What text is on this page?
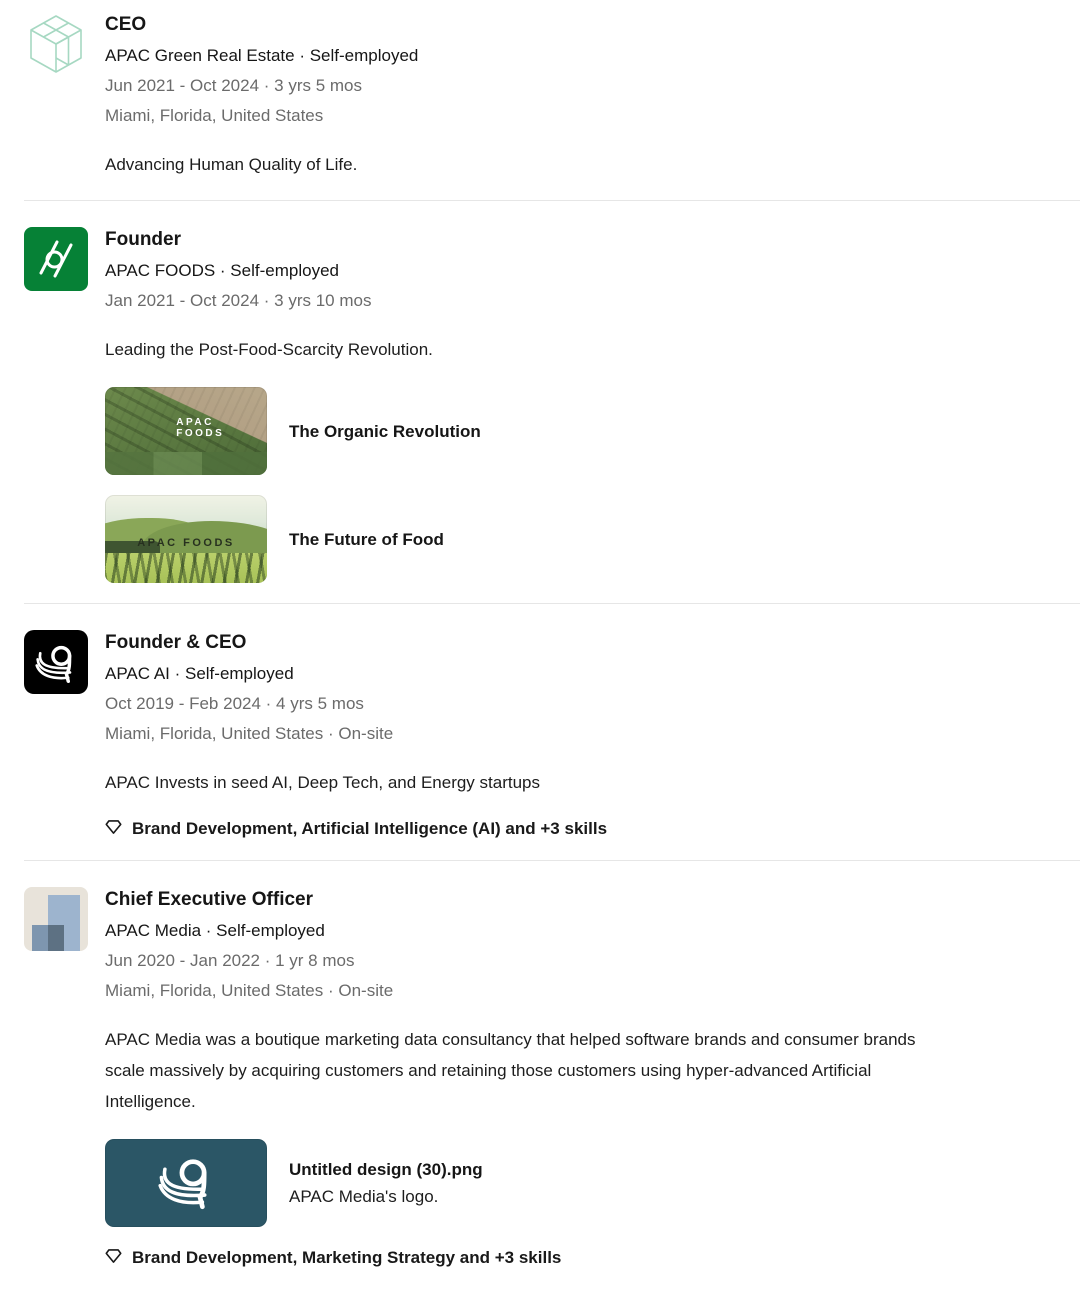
CEO
APAC Green Real Estate · Self-employed
Jun 2021 - Oct 2024 · 3 yrs 5 mos
Miami, Florida, United States
Advancing Human Quality of Life.
Founder
APAC FOODS · Self-employed
Jan 2021 - Oct 2024 · 3 yrs 10 mos
Leading the Post-Food-Scarcity Revolution.
APAC FOODS	The Organic Revolution
APAC FOODS	The Future of Food
Founder & CEO
APAC AI · Self-employed
Oct 2019 - Feb 2024 · 4 yrs 5 mos
Miami, Florida, United States · On-site
APAC Invests in seed AI, Deep Tech, and Energy startups
Brand Development, Artificial Intelligence (AI) and +3 skills
Chief Executive Officer
APAC Media · Self-employed
Jun 2020 - Jan 2022 · 1 yr 8 mos
Miami, Florida, United States · On-site
APAC Media was a boutique marketing data consultancy that helped software brands and consumer brands scale massively by acquiring customers and retaining those customers using hyper-advanced Artificial Intelligence.
Untitled design (30).png
APAC Media's logo.
Brand Development, Marketing Strategy and +3 skills
